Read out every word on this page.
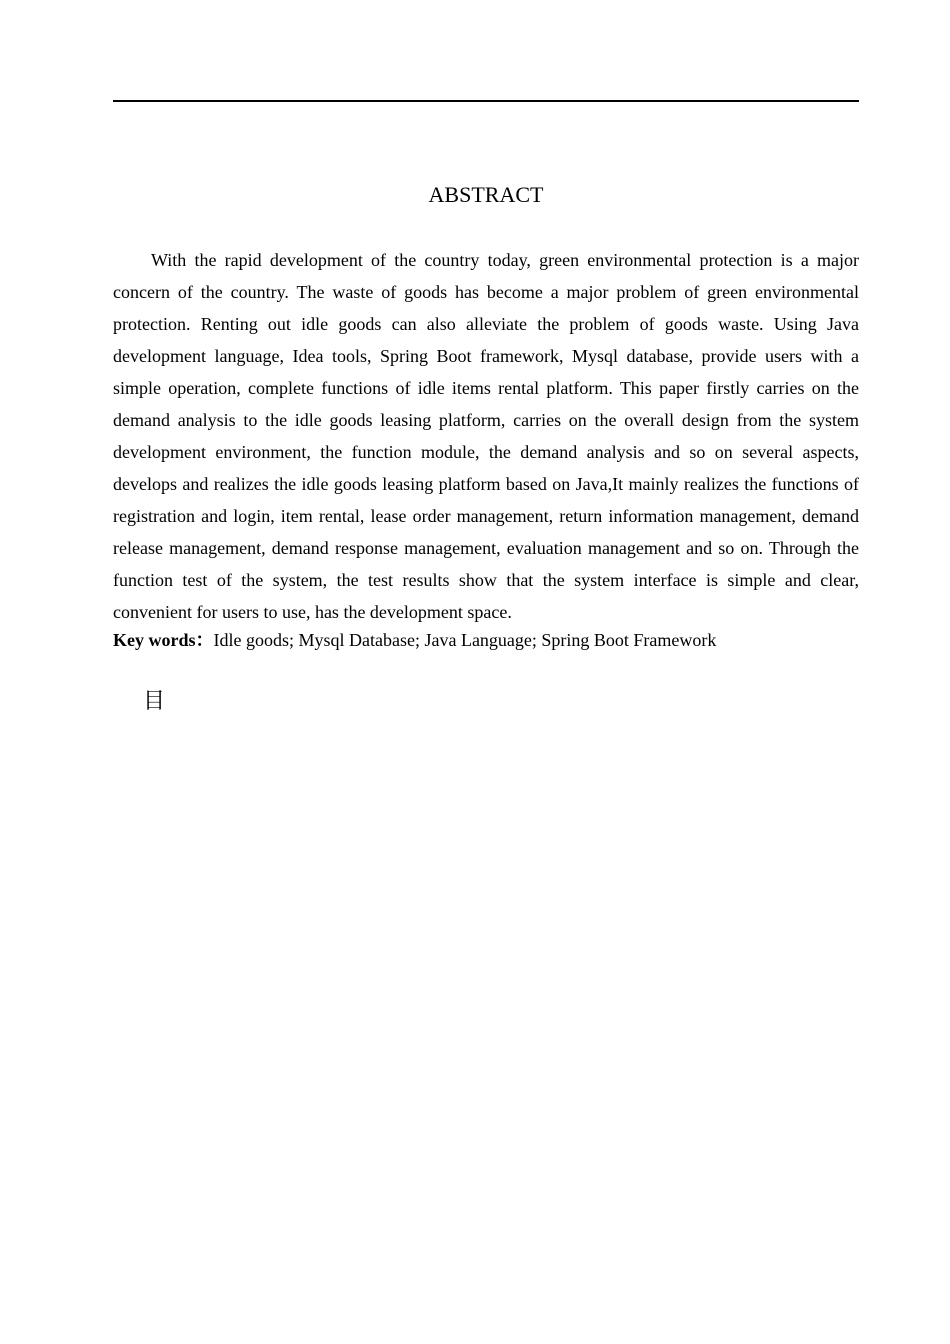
ABSTRACT

With the rapid development of the country today, green environmental protection is a major concern of the country. The waste of goods has become a major problem of green environmental protection. Renting out idle goods can also alleviate the problem of goods waste. Using Java development language, Idea tools, Spring Boot framework, Mysql database, provide users with a simple operation, complete functions of idle items rental platform. This paper firstly carries on the demand analysis to the idle goods leasing platform, carries on the overall design from the system development environment, the function module, the demand analysis and so on several aspects, develops and realizes the idle goods leasing platform based on Java,It mainly realizes the functions of registration and login, item rental, lease order management, return information management, demand release management, demand response management, evaluation management and so on. Through the function test of the system, the test results show that the system interface is simple and clear, convenient for users to use, has the development space.

Key words：Idle goods; Mysql Database; Java Language; Spring Boot Framework

目
